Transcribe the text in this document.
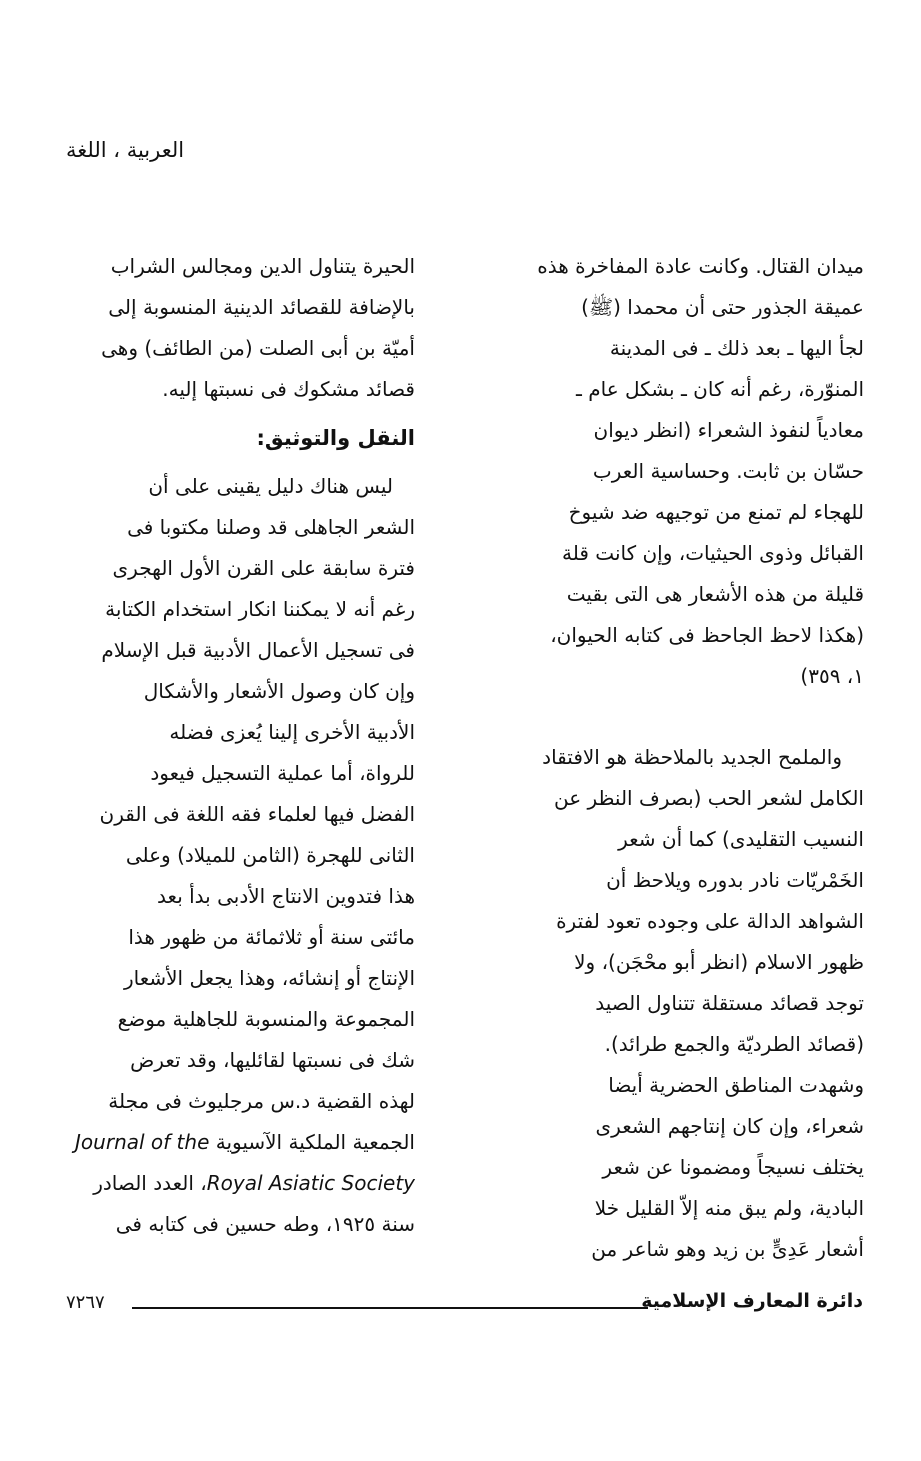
العربية ، اللغة
ميدان القتال. وكانت عادة المفاخرة هذه
عميقة الجذور حتى أن محمدا (ﷺ)
لجأ اليها ـ بعد ذلك ـ فى المدينة
المنوّرة، رغم أنه كان ـ بشكل عام ـ
معادياً لنفوذ الشعراء (انظر ديوان
حسّان بن ثابت. وحساسية العرب
للهجاء لم تمنع من توجيهه ضد شيوخ
القبائل وذوى الحيثيات، وإن كانت قلة
قليلة من هذه الأشعار هى التى بقيت
(هكذا لاحظ الجاحظ فى كتابه الحيوان،
١، ٣٥٩)
والملمح الجديد بالملاحظة هو الافتقاد
الكامل لشعر الحب (بصرف النظر عن
النسيب التقليدى) كما أن شعر
الخَمْريّات نادر بدوره ويلاحظ أن
الشواهد الدالة على وجوده تعود لفترة
ظهور الاسلام (انظر أبو محْجَن)، ولا
توجد قصائد مستقلة تتناول الصيد
(قصائد الطرديّة والجمع طرائد).
وشهدت المناطق الحضرية أيضا
شعراء، وإن كان إنتاجهم الشعرى
يختلف نسيجاً ومضمونا عن شعر
البادية، ولم يبق منه إلاّ القليل خلا
أشعار عَدِىٍّ بن زيد وهو شاعر من
الحيرة يتناول الدين ومجالس الشراب
بالإضافة للقصائد الدينية المنسوبة إلى
أميّة بن أبى الصلت (من الطائف) وهى
قصائد مشكوك فى نسبتها إليه.
النقل والتوثيق:
ليس هناك دليل يقينى على أن
الشعر الجاهلى قد وصلنا مكتوبا فى
فترة سابقة على القرن الأول الهجرى
رغم أنه لا يمكننا انكار استخدام الكتابة
فى تسجيل الأعمال الأدبية قبل الإسلام
وإن كان وصول الأشعار والأشكال
الأدبية الأخرى إلينا يُعزى فضله
للرواة، أما عملية التسجيل فيعود
الفضل فيها لعلماء فقه اللغة فى القرن
الثانى للهجرة (الثامن للميلاد) وعلى
هذا فتدوين الانتاج الأدبى بدأ بعد
مائتى سنة أو ثلاثمائة من ظهور هذا
الإنتاج أو إنشائه، وهذا يجعل الأشعار
المجموعة والمنسوبة للجاهلية موضع
شك فى نسبتها لقائليها، وقد تعرض
لهذه القضية د.س مرجليوث فى مجلة
الجمعية الملكية الآسيوية Journal of the
Royal Asiatic Society، العدد الصادر
سنة ١٩٢٥، وطه حسين فى كتابه فى
دائرة المعارف الإسلامية
٧٢٦٧
